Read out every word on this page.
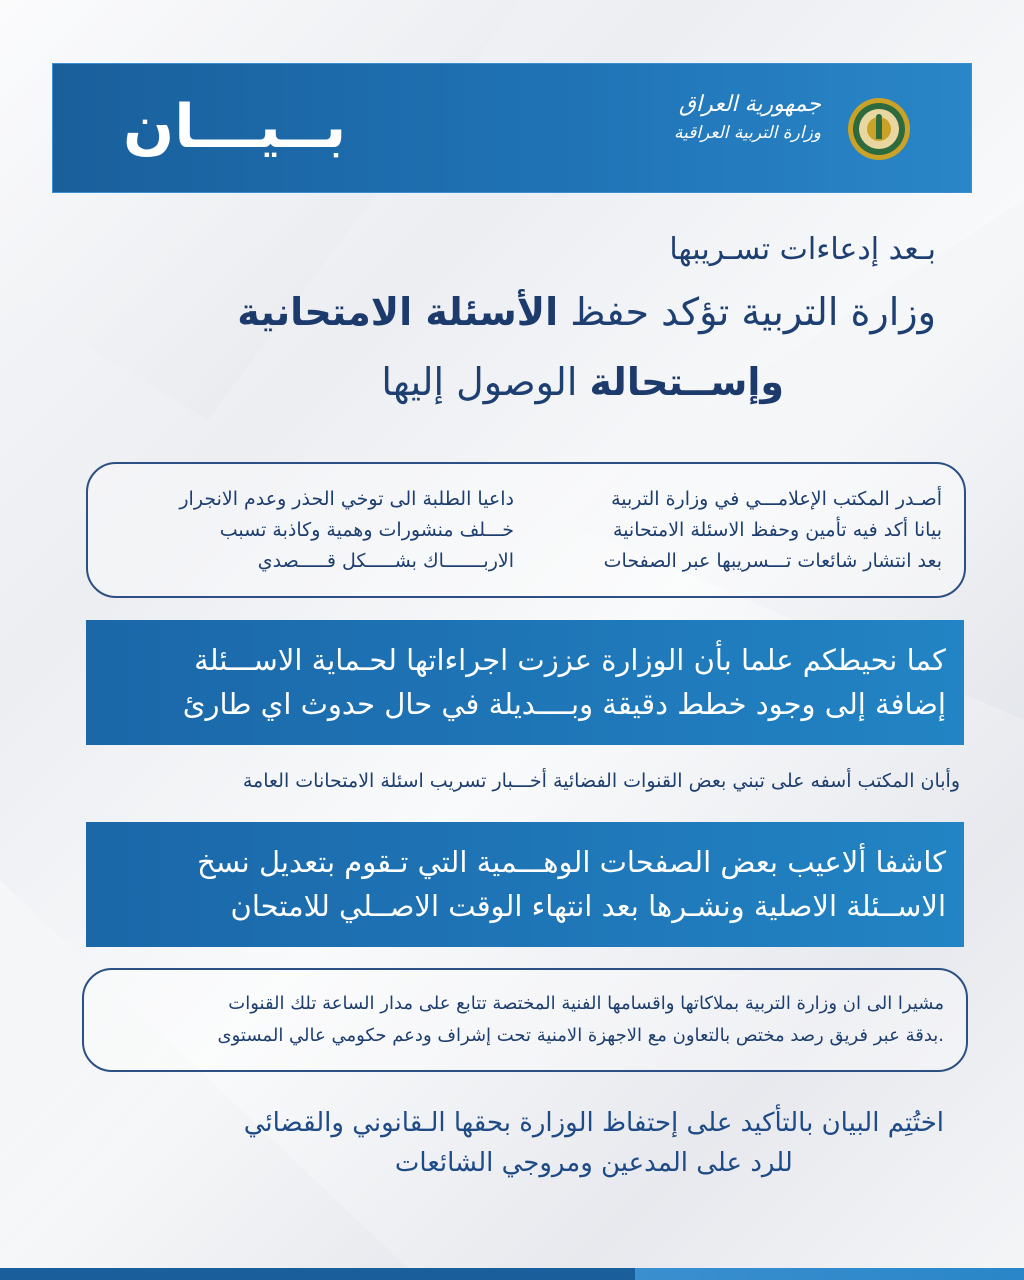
بــيـــان	جمهورية العراق
وزارة التربية العراقية
بـعد إدعاءات تسـريبها
وزارة التربية تؤكد حفظ الأسئلة الامتحانية
وإســتحالة الوصول إليها
أصـدر المكتب الإعلامـــي في وزارة التربية
بيانا أكد فيه تأمين وحفظ الاسئلة الامتحانية
بعد انتشار شائعات تـــسريبها عبر الصفحات
داعيا الطلبة الى توخي الحذر وعدم الانجرار
خـــلف منشورات وهمية وكاذبة تسبب
الاربـــــــاك بشـــــكل قـــــصدي
كما نحيطكم علما بأن الوزارة عززت اجراءاتها لحـماية الاســـئلة
إضافة إلى وجود خطط دقيقة وبــــديلة في حال حدوث اي طارئ
وأبان المكتب أسفه على تبني بعض القنوات الفضائية أخـــبار تسريب اسئلة الامتحانات العامة
كاشفا ألاعيب بعض الصفحات الوهـــمية التي تـقوم بتعديل نسخ
الاســئلة الاصلية ونشـرها بعد انتهاء الوقت الاصــلي للامتحان
مشيرا الى ان وزارة التربية بملاكاتها واقسامها الفنية المختصة تتابع على مدار الساعة تلك القنوات
.بدقة عبر فريق رصد مختص بالتعاون مع الاجهزة الامنية تحت إشراف ودعم حكومي عالي المستوى
اختُتِم البيان بالتأكيد على إحتفاظ الوزارة بحقها الـقانوني والقضائي
للرد على المدعين ومروجي الشائعات
